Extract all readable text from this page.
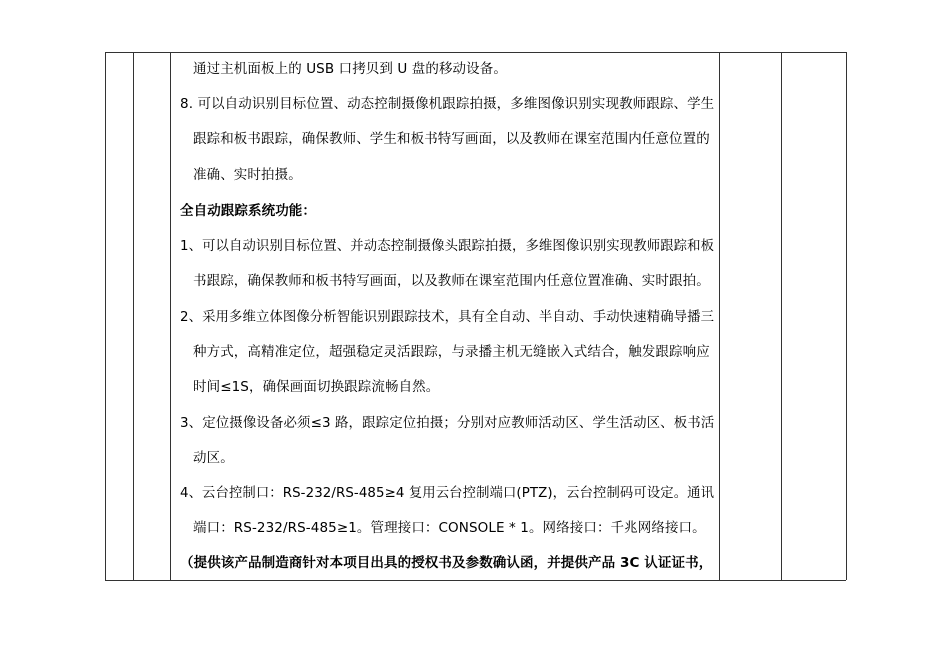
通过主机面板上的 USB 口拷贝到 U 盘的移动设备。
8. 可以自动识别目标位置、动态控制摄像机跟踪拍摄，多维图像识别实现教师跟踪、学生
跟踪和板书跟踪，确保教师、学生和板书特写画面，以及教师在课室范围内任意位置的
准确、实时拍摄。
全自动跟踪系统功能：
1、可以自动识别目标位置、并动态控制摄像头跟踪拍摄，多维图像识别实现教师跟踪和板
书跟踪，确保教师和板书特写画面，以及教师在课室范围内任意位置准确、实时跟拍。
2、采用多维立体图像分析智能识别跟踪技术，具有全自动、半自动、手动快速精确导播三
种方式，高精准定位，超强稳定灵活跟踪，与录播主机无缝嵌入式结合，触发跟踪响应
时间≤1S，确保画面切换跟踪流畅自然。
3、定位摄像设备必须≤3 路，跟踪定位拍摄；分别对应教师活动区、学生活动区、板书活
动区。
4、云台控制口：RS-232/RS-485≥4 复用云台控制端口(PTZ)，云台控制码可设定。通讯
端口：RS-232/RS-485≥1。管理接口：CONSOLE * 1。网络接口：千兆网络接口。
（提供该产品制造商针对本项目出具的授权书及参数确认函，并提供产品 3C 认证证书，
